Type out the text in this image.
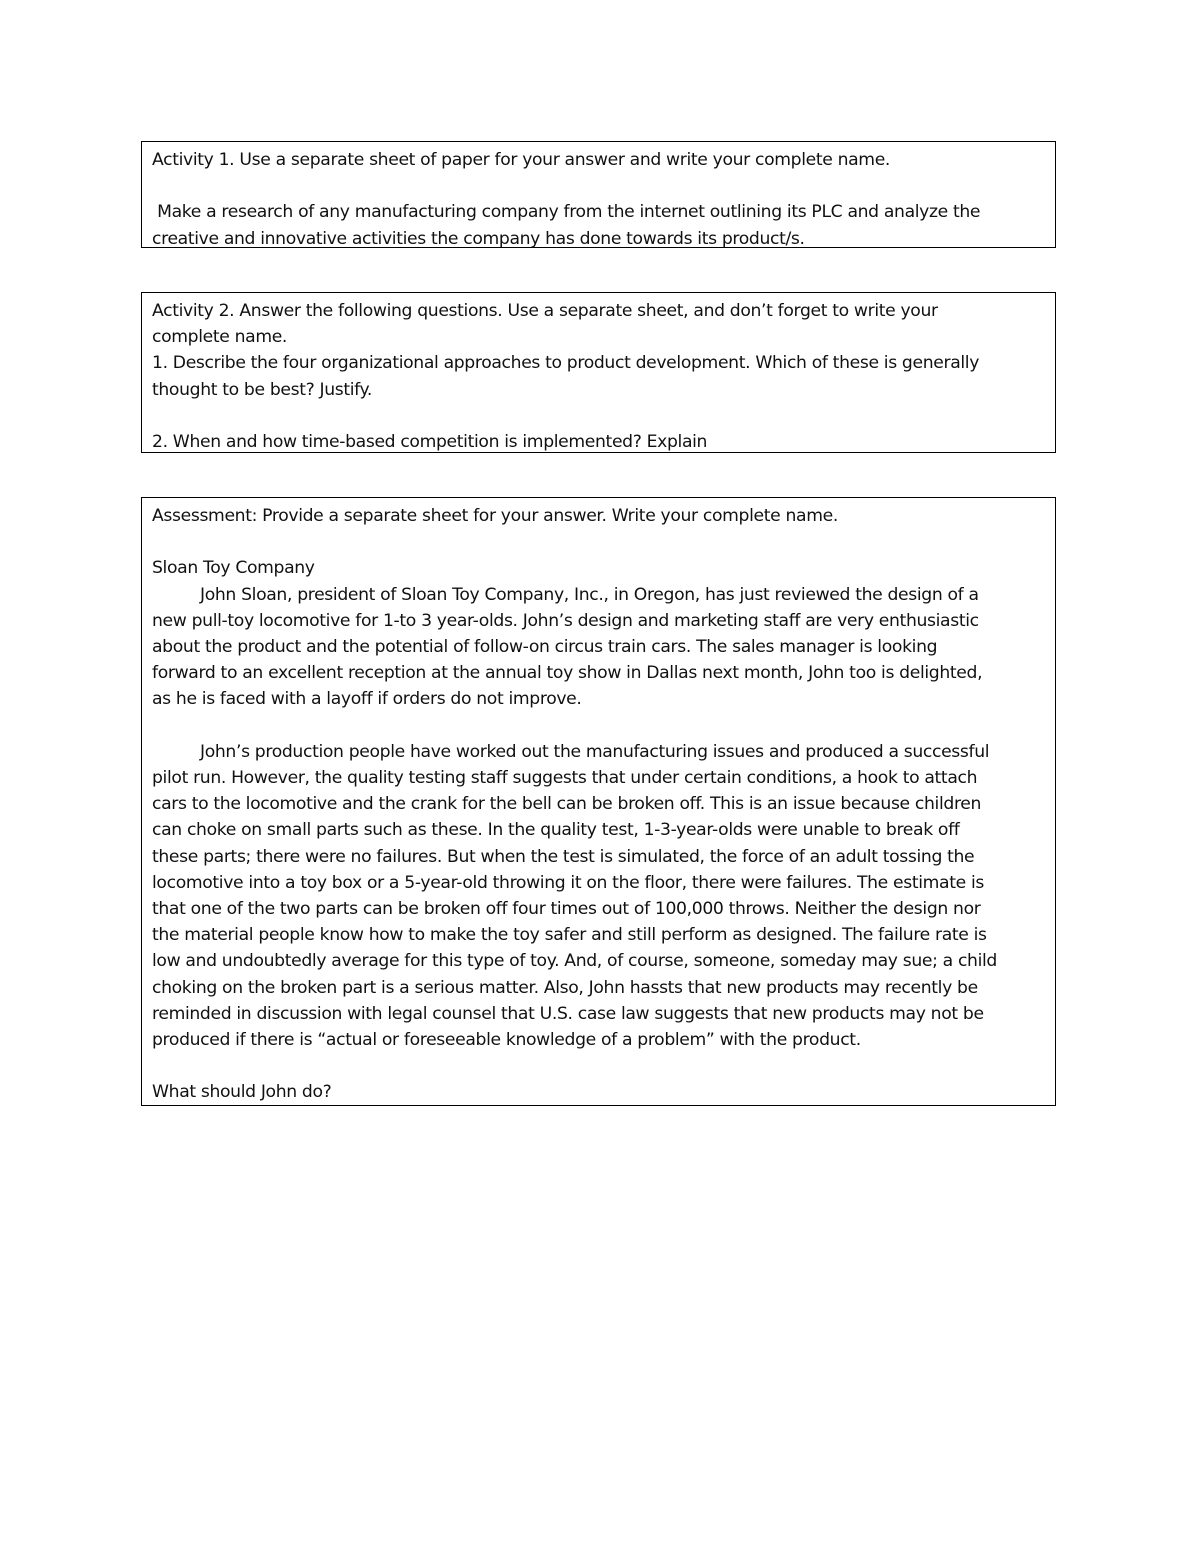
Activity 1. Use a separate sheet of paper for your answer and write your complete name.

Make a research of any manufacturing company from the internet outlining its PLC and analyze the

creative and innovative activities the company has done towards its product/s.

Activity 2. Answer the following questions. Use a separate sheet, and don’t forget to write your

complete name.

1. Describe the four organizational approaches to product development. Which of these is generally

thought to be best? Justify.

2. When and how time-based competition is implemented? Explain

Assessment: Provide a separate sheet for your answer. Write your complete name.

Sloan Toy Company

John Sloan, president of Sloan Toy Company, Inc., in Oregon, has just reviewed the design of a

new pull-toy locomotive for 1-to 3 year-olds. John’s design and marketing staff are very enthusiastic

about the product and the potential of follow-on circus train cars. The sales manager is looking

forward to an excellent reception at the annual toy show in Dallas next month, John too is delighted,

as he is faced with a layoff if orders do not improve.

John’s production people have worked out the manufacturing issues and produced a successful

pilot run. However, the quality testing staff suggests that under certain conditions, a hook to attach

cars to the locomotive and the crank for the bell can be broken off. This is an issue because children

can choke on small parts such as these. In the quality test, 1-3-year-olds were unable to break off

these parts; there were no failures. But when the test is simulated, the force of an adult tossing the

locomotive into a toy box or a 5-year-old throwing it on the floor, there were failures. The estimate is

that one of the two parts can be broken off four times out of 100,000 throws. Neither the design nor

the material people know how to make the toy safer and still perform as designed. The failure rate is

low and undoubtedly average for this type of toy. And, of course, someone, someday may sue; a child

choking on the broken part is a serious matter. Also, John hassts that new products may recently be

reminded in discussion with legal counsel that U.S. case law suggests that new products may not be

produced if there is “actual or foreseeable knowledge of a problem” with the product.

What should John do?
